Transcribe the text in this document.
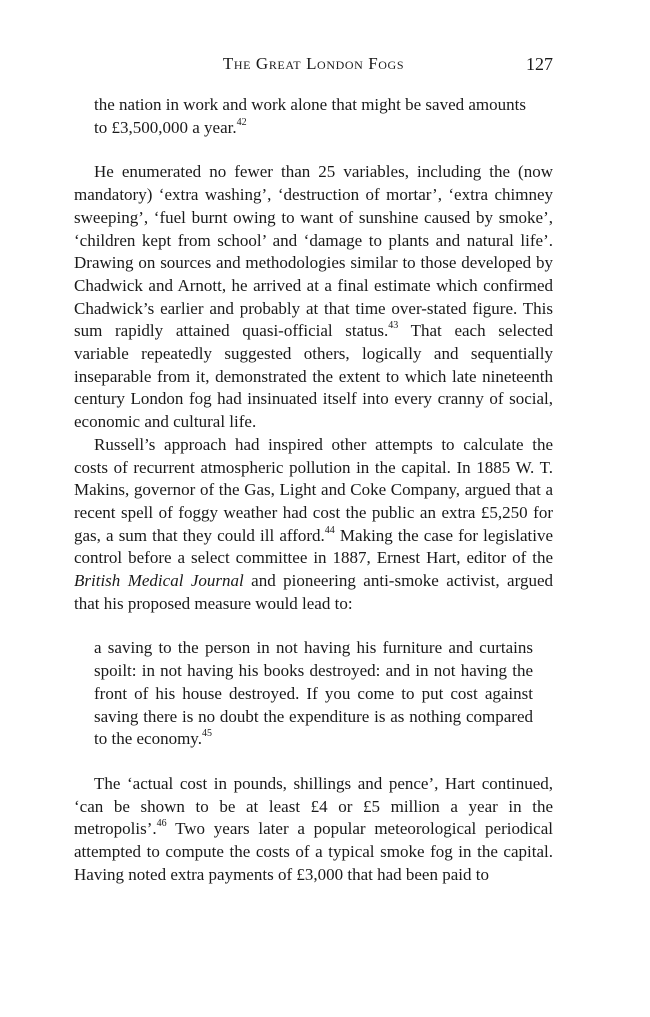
The Great London Fogs	127

the nation in work and work alone that might be saved amounts to £3,500,000 a year.$^{42}$

He enumerated no fewer than 25 variables, including the (now mandatory) ‘extra washing’, ‘destruction of mortar’, ‘extra chimney sweeping’, ‘fuel burnt owing to want of sunshine caused by smoke’, ‘children kept from school’ and ‘damage to plants and natural life’. Drawing on sources and methodologies similar to those developed by Chadwick and Arnott, he arrived at a final estimate which confirmed Chadwick’s earlier and probably at that time over-stated figure. This sum rapidly attained quasi-official status.$^{43}$ That each selected variable repeatedly suggested others, logically and sequentially inseparable from it, demonstrated the extent to which late nineteenth century London fog had insinuated itself into every cranny of social, economic and cultural life.

Russell’s approach had inspired other attempts to calculate the costs of recurrent atmospheric pollution in the capital. In 1885 W. T. Makins, governor of the Gas, Light and Coke Company, argued that a recent spell of foggy weather had cost the public an extra £5,250 for gas, a sum that they could ill afford.$^{44}$ Making the case for legislative control before a select committee in 1887, Ernest Hart, editor of the British Medical Journal and pioneering anti-smoke activist, argued that his proposed measure would lead to:

a saving to the person in not having his furniture and curtains spoilt: in not having his books destroyed: and in not having the front of his house destroyed. If you come to put cost against saving there is no doubt the expenditure is as nothing compared to the economy.$^{45}$

The ‘actual cost in pounds, shillings and pence’, Hart continued, ‘can be shown to be at least £4 or £5 million a year in the metropolis’.$^{46}$ Two years later a popular meteorological periodical attempted to compute the costs of a typical smoke fog in the capital. Having noted extra payments of £3,000 that had been paid to
